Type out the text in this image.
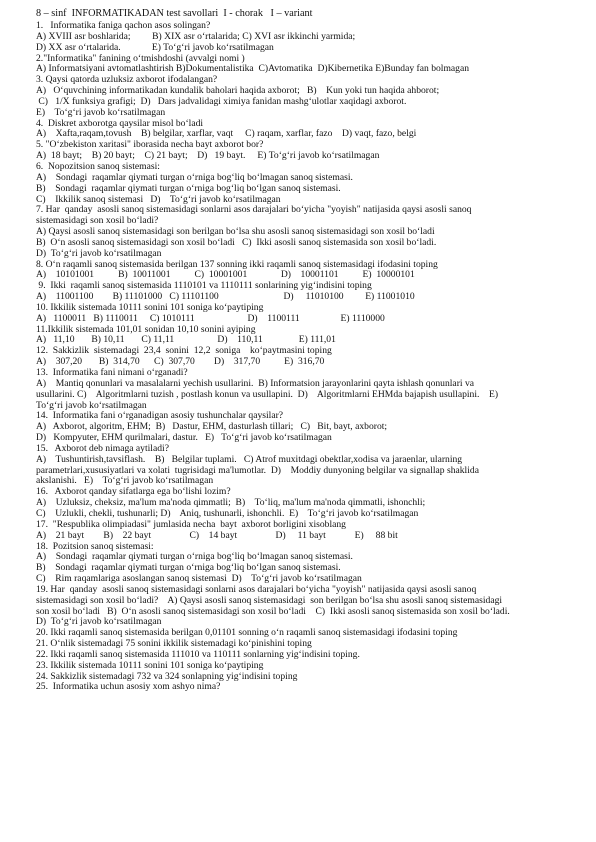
8 – sinf  INFORMATIKADAN test savollari  I - chorak   I – variant
1.   Informatika faniga qachon asos solingan?
A) XVIII asr boshlarida;         B) XIX asr o‘rtalarida; C) XVI asr ikkinchi yarmida;
D) XX asr o‘rtalarida.             E) To‘g‘ri javob ko‘rsatilmagan
2."Informatika" fanining o‘tmishdoshi (avvalgi nomi )
A) Informatsiyani avtomatlashtirish B)Dokumentalistika  C)Avtomatika  D)Kibernetika E)Bunday fan bolmagan
3. Qaysi qatorda uzluksiz axborot ifodalangan?
A)   O‘quvchining informatikadan kundalik baholari haqida axborot;   B)    Kun yoki tun haqida ahborot;
C)   1/X funksiya grafigi;  D)   Dars jadvalidagi ximiya fanidan mashg‘ulotlar xaqidagi axborot.
E)    To‘g‘ri javob ko‘rsatilmagan
4.  Diskret axborotga qaysilar misol bo‘ladi
A)    Xafta,raqam,tovush    B) belgilar, xarflar, vaqt     C) raqam, xarflar, fazo    D) vaqt, fazo, belgi
5. "O‘zbekiston xaritasi" iborasida necha bayt axborot bor?
A)  18 bayt;    B) 20 bayt;    C) 21 bayt;    D)   19 bayt.     E) To‘g‘ri javob ko‘rsatilmagan
6.  Nopozitsion sanoq sistemasi:
A)    Sondagi  raqamlar qiymati turgan o‘rniga bog‘liq bo‘lmagan sanoq sistemasi.
B)    Sondagi  raqamlar qiymati turgan o‘rniga bog‘liq bo‘lgan sanoq sistemasi.
C)    Ikkilik sanoq sistemasi   D)    To‘g‘ri javob ko‘rsatilmagan
7. Har  qanday  asosli sanoq sistemasidagi sonlarni asos darajalari bo‘yicha "yoyish" natijasida qaysi asosli sanoq
sistemasidagi son xosil bo‘ladi?
A) Qaysi asosli sanoq sistemasidagi son berilgan bo‘lsa shu asosli sanoq sistemasidagi son xosil bo‘ladi
B)  O‘n asosli sanoq sistemasidagi son xosil bo‘ladi   C)  Ikki asosli sanoq sistemasida son xosil bo‘ladi.
D)  To‘g‘ri javob ko‘rsatilmagan
8. O‘n raqamli sanoq sistemasida berilgan 137 sonning ikki raqamli sanoq sistemasidagi ifodasini toping
A)    10101001          B)  10011001          C)  10001001              D)    10001101          E)  10000101
9.  Ikki  raqamli sanoq sistemasida 1110101 va 1110111 sonlarining yig‘indisini toping
A)    11001100        B) 11101000   C) 11101100                           D)     11010100         E) 11001010
10. Ikkilik sistemada 10111 sonini 101 soniga ko‘paytiping
A)   1100011   B) 1110011     C) 1010111                      D)    1100111                 E) 1110000
11.Ikkilik sistemada 101,01 sonidan 10,10 sonini ayiping
A)   11,10       B) 10,11       C) 11,11                  D)    110,11               E) 111,01
12.  Sakkizlik  sistemadagi  23,4  sonini  12,2  soniga    ko‘paytmasini toping
A)    307,20       B)  314,70      C)  307,70        D)    317,70          E)  316,70
13.  Informatika fani nimani o‘rganadi?
A)    Mantiq qonunlari va masalalarni yechish usullarini.  B) Informatsion jarayonlarini qayta ishlash qonunlari va
usullarini. C)    Algoritmlarni tuzish , postlash konun va usullapini.  D)    Algoritmlarni EHMda bajapish usullapini.    E)
To‘g‘ri javob ko‘rsatilmagan
14.  Informatika fani o‘rganadigan asosiy tushunchalar qaysilar?
A)   Axborot, algoritm, EHM;  B)   Dastur, EHM, dasturlash tillari;   C)   Bit, bayt, axborot;
D)   Kompyuter, EHM qurilmalari, dastur.   E)   To‘g‘ri javob ko‘rsatilmagan
15.   Axborot deb nimaga aytiladi?
A)    Tushuntirish,tavsiflash.    B)   Belgilar tuplami.   C) Atrof muxitdagi obektlar,xodisa va jaraenlar, ularning
parametrlari,xususiyatlari va xolati  tugrisidagi ma'lumotlar.  D)    Moddiy dunyoning belgilar va signallap shaklida
akslanishi.   E)    To‘g‘ri javob ko‘rsatilmagan
16.   Axborot qanday sifatlarga ega bo‘lishi lozim?
A)    Uzluksiz, cheksiz, ma'lum ma'noda qimmatli;  B)    To‘liq, ma'lum ma'noda qimmatli, ishonchli;
C)    Uzlukli, chekli, tushunarli; D)    Aniq, tushunarli, ishonchli.  E)    To‘g‘ri javob ko‘rsatilmagan
17.  "Respublika olimpiadasi" jumlasida necha  bayt  axborot borligini xisoblang
A)    21 bayt        B)    22 bayt                C)    14 bayt                D)     11 bayt            E)     88 bit
18.  Pozitsion sanoq sistemasi:
A)    Sondagi  raqamlar qiymati turgan o‘rniga bog‘liq bo‘lmagan sanoq sistemasi.
B)    Sondagi  raqamlar qiymati turgan o‘rniga bog‘liq bo‘lgan sanoq sistemasi.
C)    Rim raqamlariga asoslangan sanoq sistemasi  D)    To‘g‘ri javob ko‘rsatilmagan
19. Har  qanday  asosli sanoq sistemasidagi sonlarni asos darajalari bo‘yicha "yoyish" natijasida qaysi asosli sanoq
sistemasidagi son xosil bo‘ladi?    A) Qaysi asosli sanoq sistemasidagi  son berilgan bo‘lsa shu asosli sanoq sistemasidagi
son xosil bo‘ladi   B)  O‘n asosli sanoq sistemasidagi son xosil bo‘ladi    C)  Ikki asosli sanoq sistemasida son xosil bo‘ladi.
D)  To‘g‘ri javob ko‘rsatilmagan
20. Ikki raqamli sanoq sistemasida berilgan 0,01101 sonning o‘n raqamli sanoq sistemasidagi ifodasini toping
21. O‘nlik sistemadagi 75 sonini ikkilik sistemadagi ko‘pinishini toping
22. Ikki raqamli sanoq sistemasida 111010 va 110111 sonlarning yig‘indisini toping.
23. Ikkilik sistemada 10111 sonini 101 soniga ko‘paytiping
24. Sakkizlik sistemadagi 732 va 324 sonlapning yig‘indisini toping
25.  Informatika uchun asosiy xom ashyo nima?
